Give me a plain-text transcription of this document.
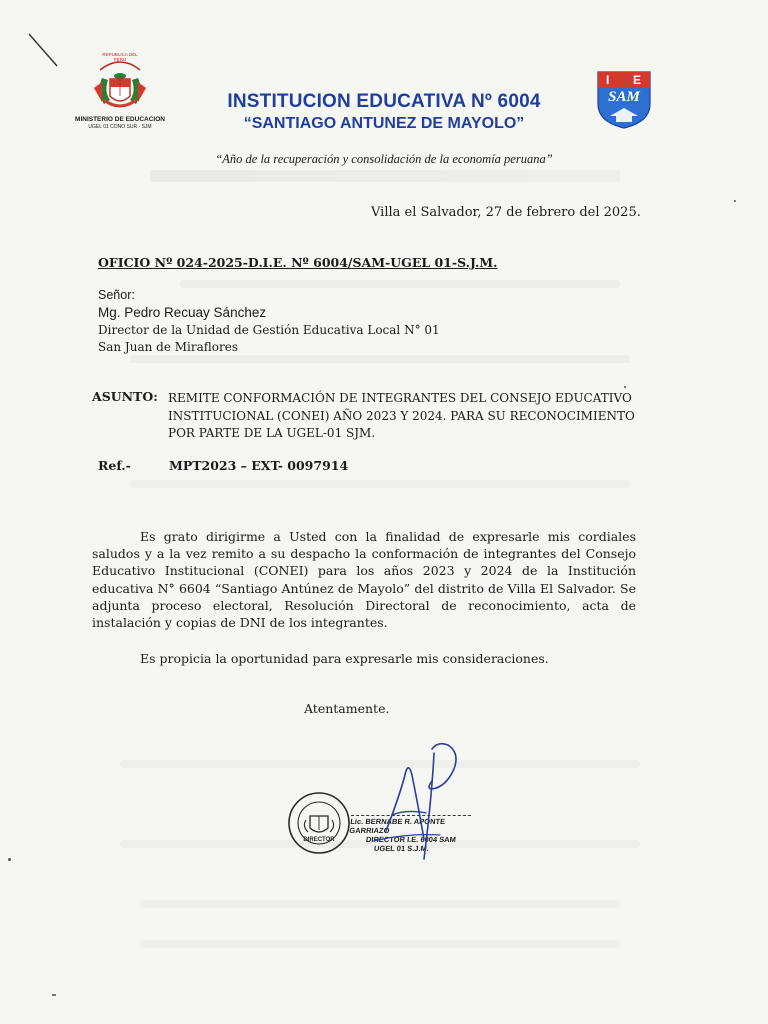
REPUBLICA DEL PERU
MINISTERIO DE EDUCACION
UGEL 01 CONO SUR - SJM
INSTITUCION EDUCATIVA Nº 6004
“SANTIAGO ANTUNEZ DE MAYOLO”
I E
SAM
“Año de la recuperación y consolidación de la economía peruana”
Villa el Salvador, 27 de febrero del 2025.
OFICIO Nº 024-2025-D.I.E. Nº 6004/SAM-UGEL 01-S.J.M.
Señor:
Mg. Pedro Recuay Sánchez
Director de la Unidad de Gestión Educativa Local N° 01
San Juan de Miraflores
ASUNTO: REMITE CONFORMACIÓN DE INTEGRANTES DEL CONSEJO EDUCATIVO
INSTITUCIONAL (CONEI) AÑO 2023 Y 2024. PARA SU RECONOCIMIENTO
POR PARTE DE LA UGEL-01 SJM.
Ref.-	MPT2023 – EXT- 0097914
Es grato dirigirme a Usted con la finalidad de expresarle mis cordiales saludos y a la vez remito a su despacho la conformación de integrantes del Consejo Educativo Institucional (CONEI) para los años 2023 y 2024 de la Institución educativa N° 6604 “Santiago Antúnez de Mayolo” del distrito de Villa El Salvador. Se adjunta proceso electoral, Resolución Directoral de reconocimiento, acta de instalación y copias de DNI de los integrantes.
Es propicia la oportunidad para expresarle mis consideraciones.
Atentamente.
DIRECTOR
Lic. BERNABE R. APONTE GARRIAZO
DIRECTOR I.E. 6004 SAM
UGEL 01 S.J.M.
